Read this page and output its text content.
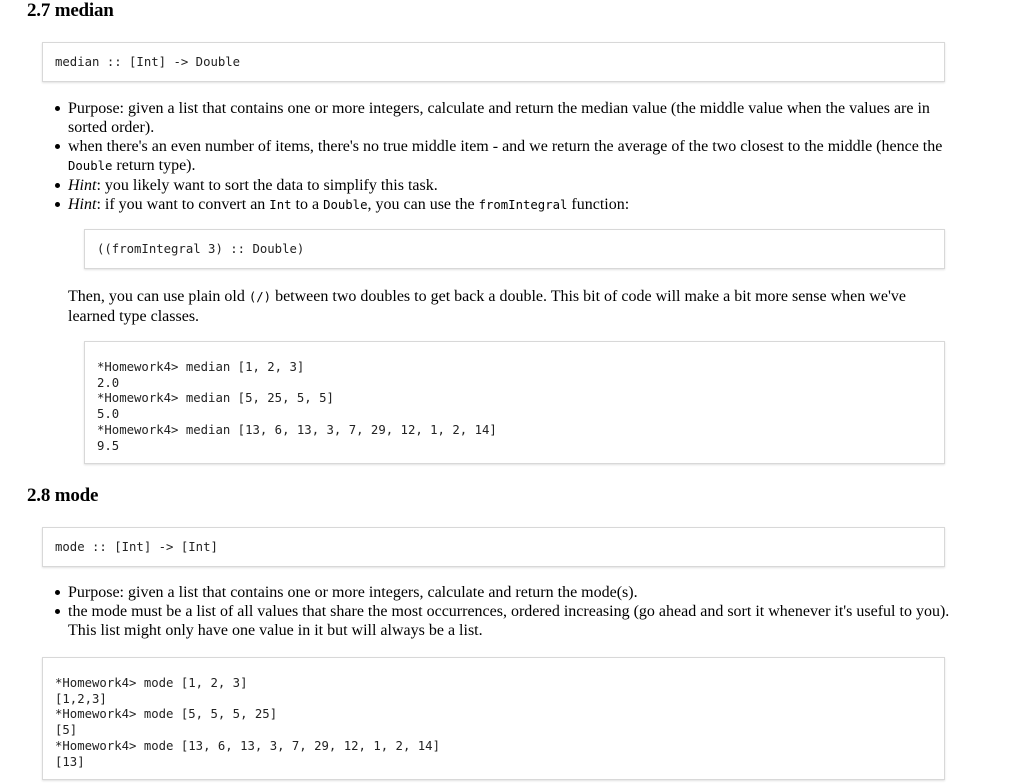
2.7 median
median :: [Int] -> Double
Purpose: given a list that contains one or more integers, calculate and return the median value (the middle value when the values are in sorted order).
when there's an even number of items, there's no true middle item - and we return the average of the two closest to the middle (hence the Double return type).
Hint: you likely want to sort the data to simplify this task.
Hint: if you want to convert an Int to a Double, you can use the fromIntegral function:
((fromIntegral 3) :: Double)

Then, you can use plain old (/) between two doubles to get back a double. This bit of code will make a bit more sense when we've learned type classes.

*Homework4> median [1, 2, 3]
2.0
*Homework4> median [5, 25, 5, 5]
5.0
*Homework4> median [13, 6, 13, 3, 7, 29, 12, 1, 2, 14]
9.5
2.8 mode
mode :: [Int] -> [Int]
Purpose: given a list that contains one or more integers, calculate and return the mode(s).
the mode must be a list of all values that share the most occurrences, ordered increasing (go ahead and sort it whenever it's useful to you). This list might only have one value in it but will always be a list.
*Homework4> mode [1, 2, 3]
[1,2,3]
*Homework4> mode [5, 5, 5, 25]
[5]
*Homework4> mode [13, 6, 13, 3, 7, 29, 12, 1, 2, 14]
[13]
